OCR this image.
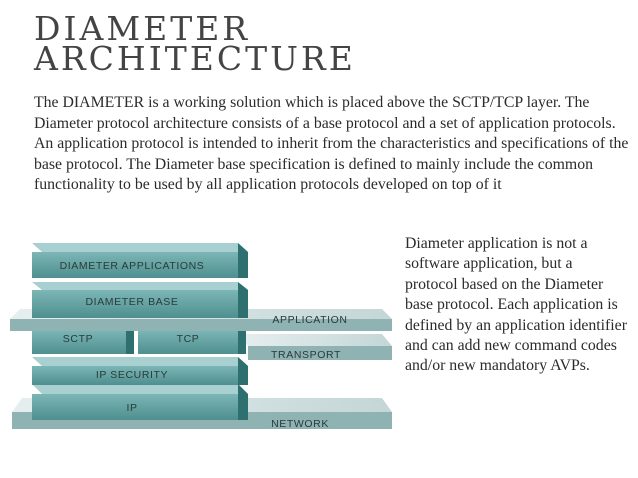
DIAMETER
ARCHITECTURE

The DIAMETER is a working solution which is placed above the SCTP/TCP layer. The Diameter protocol architecture consists of a base protocol and a set of application protocols. An application protocol is intended to inherit from the characteristics and specifications of the base protocol. The Diameter base specification is defined to mainly include the common functionality to be used by all application protocols developed on top of it

NETWORK
IP
IP SECURITY
TRANSPORT
SCTP	TCP
APPLICATION
DIAMETER BASE
DIAMETER APPLICATIONS

Diameter application is not a software application, but a protocol based on the Diameter base protocol. Each application is defined by an application identifier and can add new command codes and/or new mandatory AVPs.
